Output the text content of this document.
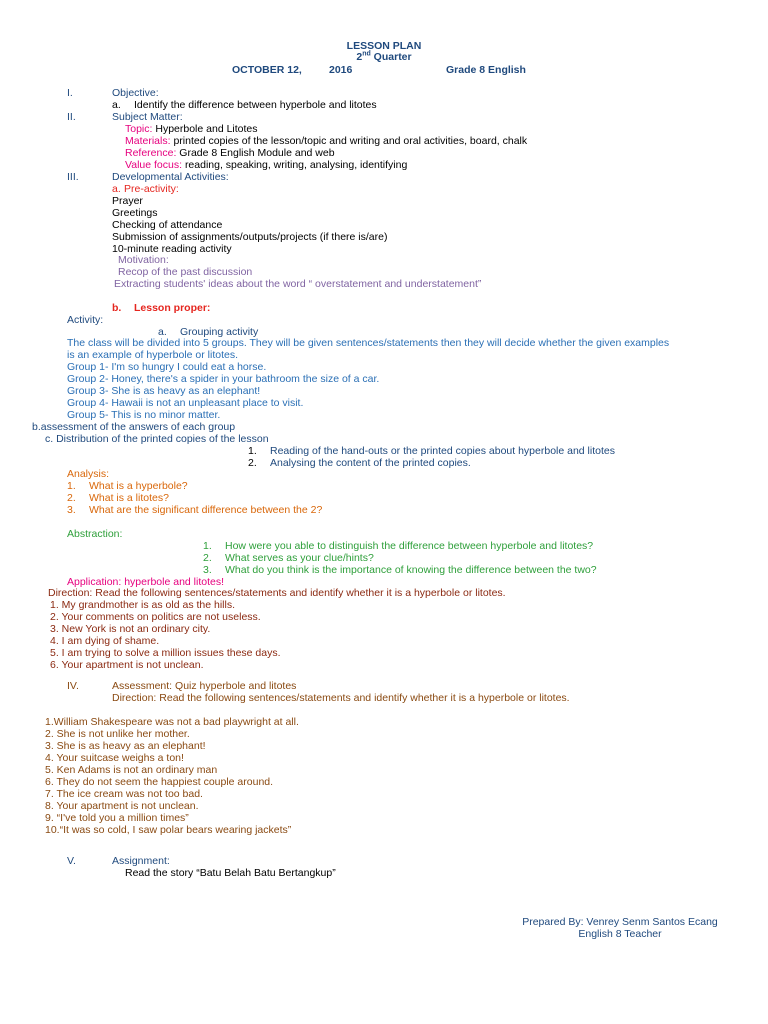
LESSON PLAN
2nd Quarter
OCTOBER 12,	2016	Grade 8 English
I.	Objective:
a. Identify the difference between hyperbole and litotes
II.	Subject Matter:
Topic: Hyperbole and Litotes
Materials: printed copies of the lesson/topic and writing and oral activities, board, chalk
Reference: Grade 8 English Module and web
Value focus: reading, speaking, writing, analysing, identifying
III.	Developmental Activities:
a. Pre-activity:
Prayer
Greetings
Checking of attendance
Submission of assignments/outputs/projects (if there is/are)
10-minute reading activity
Motivation:
Recop of the past discussion
Extracting students' ideas about the word “ overstatement and understatement”
b. Lesson proper:
Activity:
a. Grouping activity
The class will be divided into 5 groups. They will be given sentences/statements then they will decide whether the given examples
is an example of hyperbole or litotes.
Group 1- I'm so hungry I could eat a horse.
Group 2- Honey, there's a spider in your bathroom the size of a car.
Group 3- She is as heavy as an elephant!
Group 4- Hawaii is not an unpleasant place to visit.
Group 5- This is no minor matter.
b.assessment of the answers of each group
c. Distribution of the printed copies of the lesson
1. Reading of the hand-outs or the printed copies about hyperbole and litotes
2. Analysing the content of the printed copies.
Analysis:
1. What is a hyperbole?
2. What is a litotes?
3. What are the significant difference between the 2?
Abstraction:
1. How were you able to distinguish the difference between hyperbole and litotes?
2. What serves as your clue/hints?
3. What do you think is the importance of knowing the difference between the two?
Application: hyperbole and litotes!
Direction: Read the following sentences/statements and identify whether it is a hyperbole or litotes.
1. My grandmother is as old as the hills.
2. Your comments on politics are not useless.
3. New York is not an ordinary city.
4. I am dying of shame.
5. I am trying to solve a million issues these days.
6. Your apartment is not unclean.
IV.	Assessment: Quiz hyperbole and litotes
Direction: Read the following sentences/statements and identify whether it is a hyperbole or litotes.
1.William Shakespeare was not a bad playwright at all.
2. She is not unlike her mother.
3. She is as heavy as an elephant!
4. Your suitcase weighs a ton!
5. Ken Adams is not an ordinary man
6. They do not seem the happiest couple around.
7. The ice cream was not too bad.
8. Your apartment is not unclean.
9. “I've told you a million times”
10.“It was so cold, I saw polar bears wearing jackets”
V.	Assignment:
Read the story “Batu Belah Batu Bertangkup”
Prepared By: Venrey Senm Santos Ecang
English 8 Teacher
